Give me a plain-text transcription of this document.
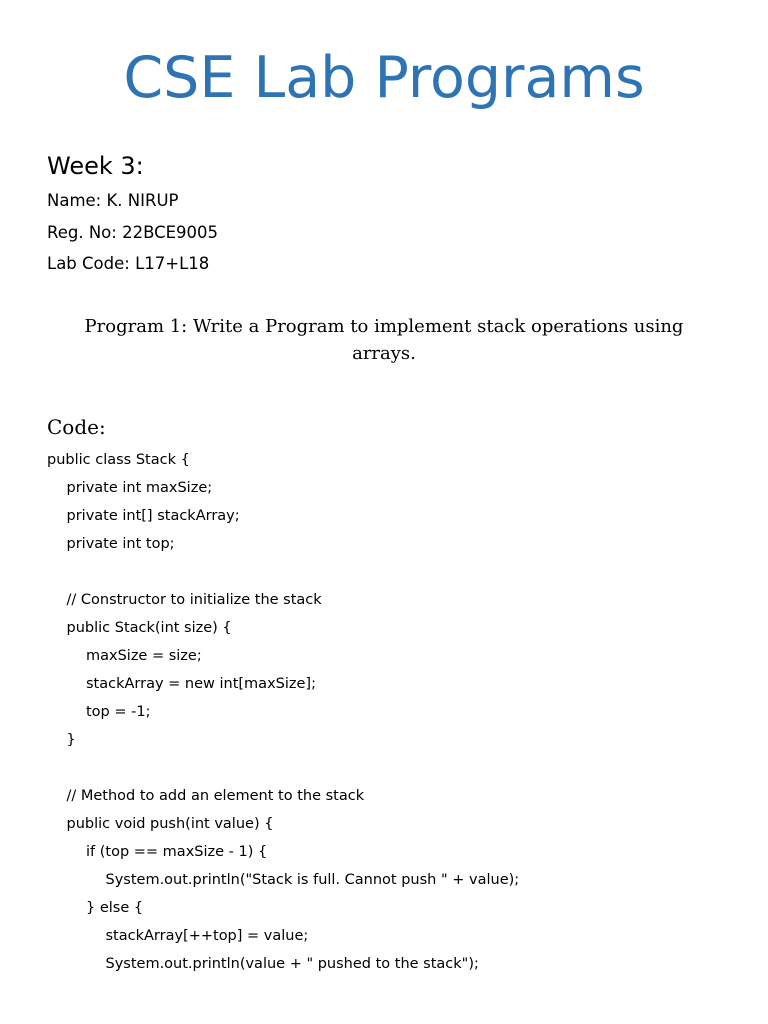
CSE Lab Programs
Week 3:
Name: K. NIRUP
Reg. No: 22BCE9005
Lab Code: L17+L18
Program 1: Write a Program to implement stack operations using arrays.
Code:
public class Stack {
private int maxSize;
private int[] stackArray;
private int top;
// Constructor to initialize the stack
public Stack(int size) {
maxSize = size;
stackArray = new int[maxSize];
top = -1;
}
// Method to add an element to the stack
public void push(int value) {
if (top == maxSize - 1) {
System.out.println("Stack is full. Cannot push " + value);
} else {
stackArray[++top] = value;
System.out.println(value + " pushed to the stack");
